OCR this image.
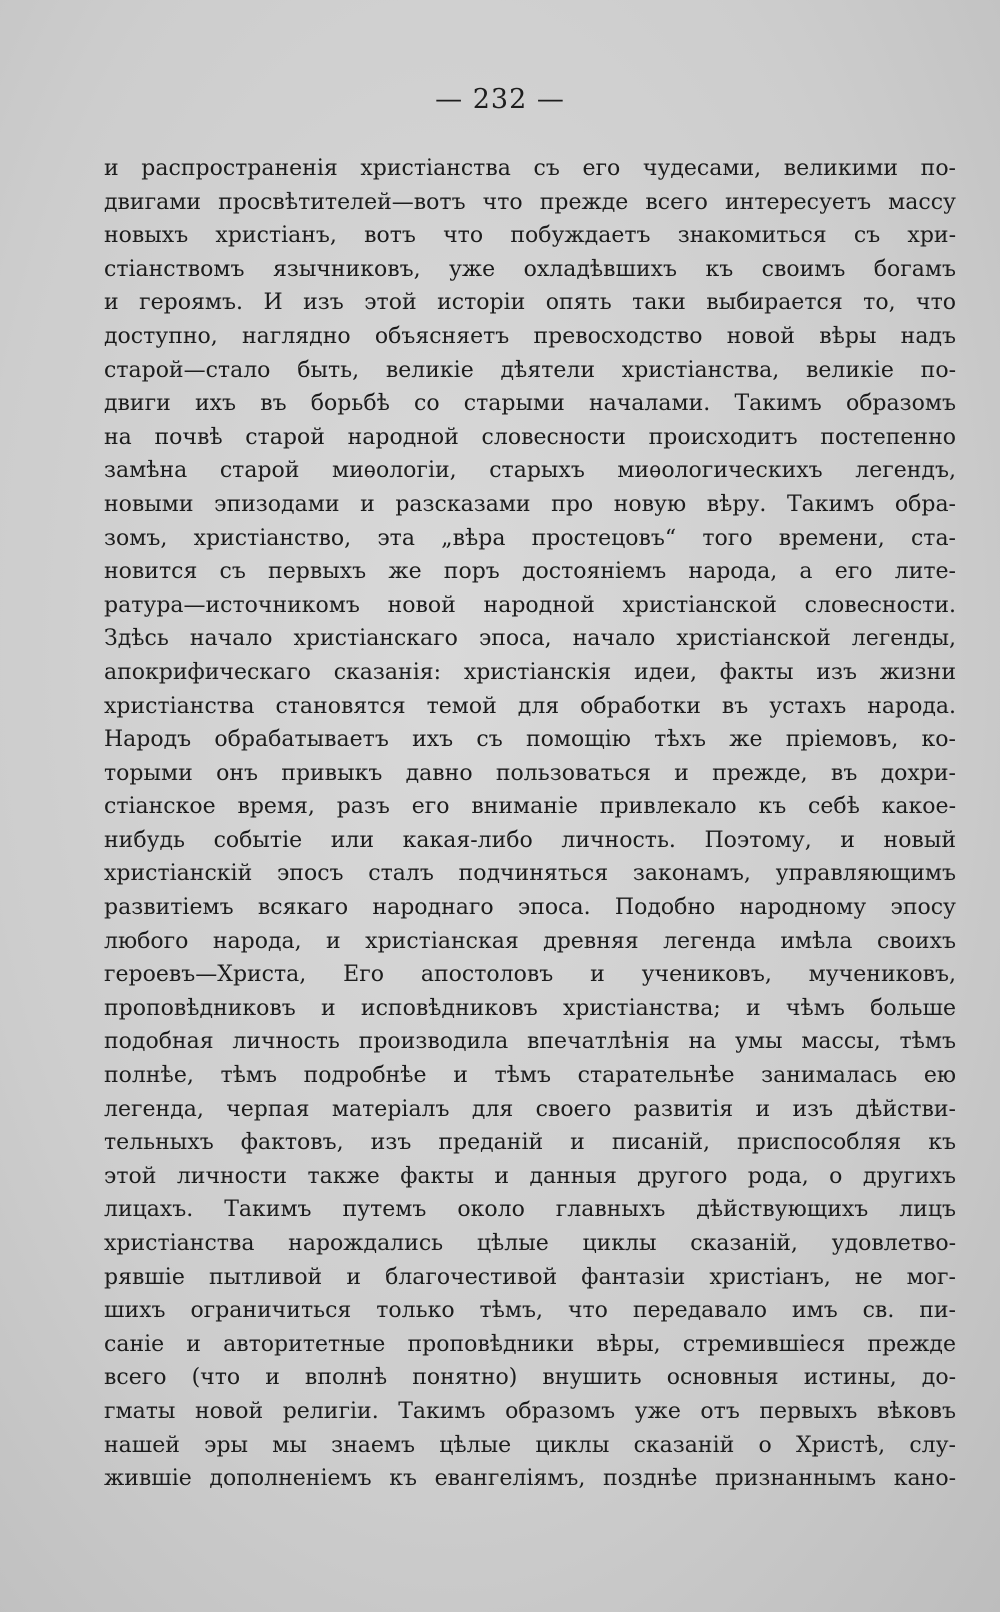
— 232 —
и распространенія христіанства съ его чудесами, великими по-
двигами просвѣтителей—вотъ что прежде всего интересуетъ массу
новыхъ христіанъ, вотъ что побуждаетъ знакомиться съ хри-
стіанствомъ язычниковъ, уже охладѣвшихъ къ своимъ богамъ
и героямъ. И изъ этой исторіи опять таки выбирается то, что
доступно, наглядно объясняетъ превосходство новой вѣры надъ
старой—стало быть, великіе дѣятели христіанства, великіе по-
двиги ихъ въ борьбѣ со старыми началами. Такимъ образомъ
на почвѣ старой народной словесности происходитъ постепенно
замѣна старой миѳологіи, старыхъ миѳологическихъ легендъ,
новыми эпизодами и разсказами про новую вѣру. Такимъ обра-
зомъ, христіанство, эта „вѣра простецовъ“ того времени, ста-
новится съ первыхъ же поръ достояніемъ народа, а его лите-
ратура—источникомъ новой народной христіанской словесности.
Здѣсь начало христіанскаго эпоса, начало христіанской легенды,
апокрифическаго сказанія: христіанскія идеи, факты изъ жизни
христіанства становятся темой для обработки въ устахъ народа.
Народъ обрабатываетъ ихъ съ помощію тѣхъ же пріемовъ, ко-
торыми онъ привыкъ давно пользоваться и прежде, въ дохри-
стіанское время, разъ его вниманіе привлекало къ себѣ какое-
нибудь событіе или какая-либо личность. Поэтому, и новый
христіанскій эпосъ сталъ подчиняться законамъ, управляющимъ
развитіемъ всякаго народнаго эпоса. Подобно народному эпосу
любого народа, и христіанская древняя легенда имѣла своихъ
героевъ—Христа, Его апостоловъ и учениковъ, мучениковъ,
проповѣдниковъ и исповѣдниковъ христіанства; и чѣмъ больше
подобная личность производила впечатлѣнія на умы массы, тѣмъ
полнѣе, тѣмъ подробнѣе и тѣмъ старательнѣе занималась ею
легенда, черпая матеріалъ для своего развитія и изъ дѣйстви-
тельныхъ фактовъ, изъ преданій и писаній, приспособляя къ
этой личности также факты и данныя другого рода, о другихъ
лицахъ. Такимъ путемъ около главныхъ дѣйствующихъ лицъ
христіанства нарождались цѣлые циклы сказаній, удовлетво-
рявшіе пытливой и благочестивой фантазіи христіанъ, не мог-
шихъ ограничиться только тѣмъ, что передавало имъ св. пи-
саніе и авторитетные проповѣдники вѣры, стремившіеся прежде
всего (что и вполнѣ понятно) внушить основныя истины, до-
гматы новой религіи. Такимъ образомъ уже отъ первыхъ вѣковъ
нашей эры мы знаемъ цѣлые циклы сказаній о Христѣ, слу-
жившіе дополненіемъ къ евангеліямъ, позднѣе признаннымъ кано-
